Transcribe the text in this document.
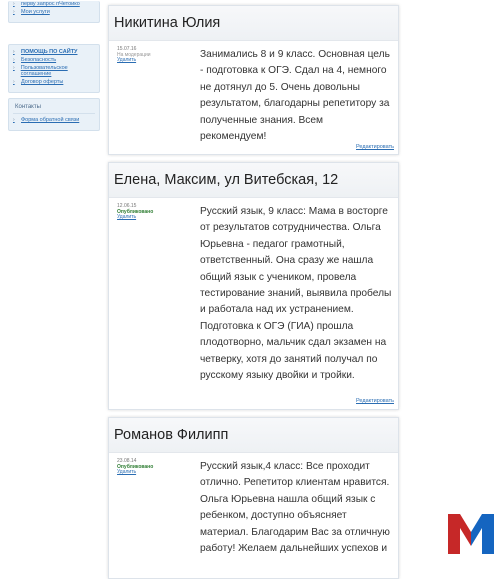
›	перву запрос пЧетоико
›	Мои услуги
›	ПОМОЩЬ ПО САЙТУ
›	Безопасность
›	Пользовательское соглашение
›	Договор оферты
Контакты
›	Форма обратной связи
Никитина Юлия
15.07.16
На модерации
Удалить	Занимались 8 и 9 класс. Основная цель - подготовка к ОГЭ. Сдал на 4, немного не дотянул до 5. Очень довольны результатом, благодарны репетитору за полученные знания. Всем рекомендуем!
Редактировать
Елена, Максим, ул Витебская, 12
12.06.15
Опубликовано
Удалить	Русский язык, 9 класс: Мама в восторге от результатов сотрудничества. Ольга Юрьевна - педагог грамотный, ответственный. Она сразу же нашла общий язык с учеником, провела тестирование знаний, выявила пробелы и работала над их устранением. Подготовка к ОГЭ (ГИА) прошла плодотворно, мальчик сдал экзамен на четверку, хотя до занятий получал по русскому языку двойки и тройки.
Редактировать
Романов Филипп
23.08.14
Опубликовано
Удалить	Русский язык,4 класс: Все проходит отлично. Репетитор клиентам нравится. Ольга Юрьевна нашла общий язык с ребенком, доступно объясняет материал. Благодарим Вас за отличную работу! Желаем дальнейших успехов и
